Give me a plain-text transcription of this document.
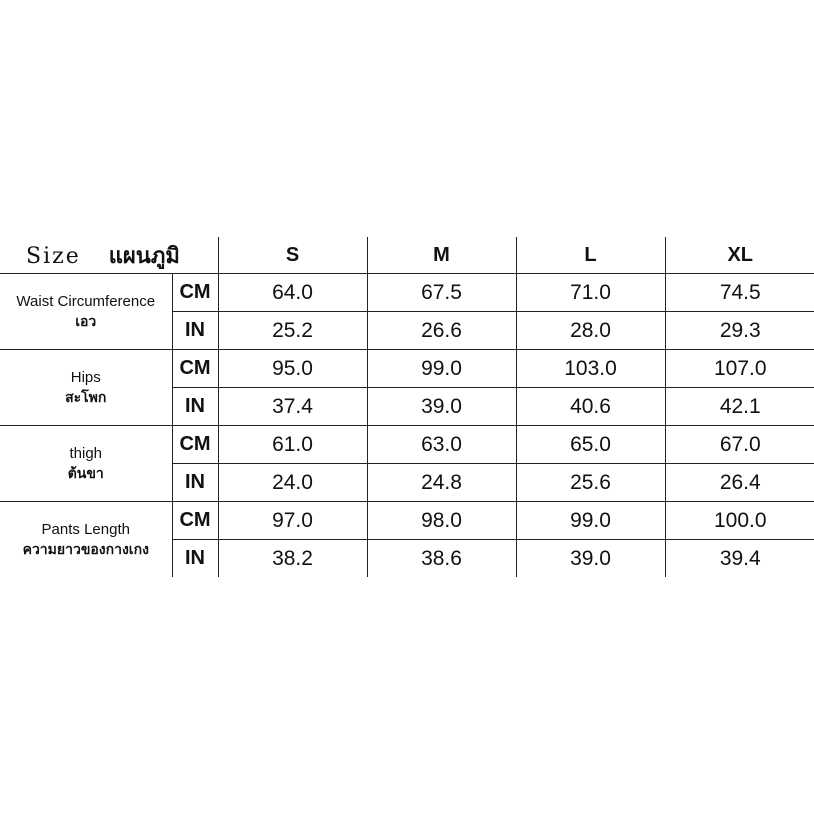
Size แผนภูมิ		S	M	L	XL

Waist Circumference
เอว	CM	64.0	67.5	71.0	74.5
	IN	25.2	26.6	28.0	29.3

Hips
สะโพก	CM	95.0	99.0	103.0	107.0
	IN	37.4	39.0	40.6	42.1

thigh
ต้นขา	CM	61.0	63.0	65.0	67.0
	IN	24.0	24.8	25.6	26.4

Pants Length
ความยาวของกางเกง	CM	97.0	98.0	99.0	100.0
	IN	38.2	38.6	39.0	39.4
